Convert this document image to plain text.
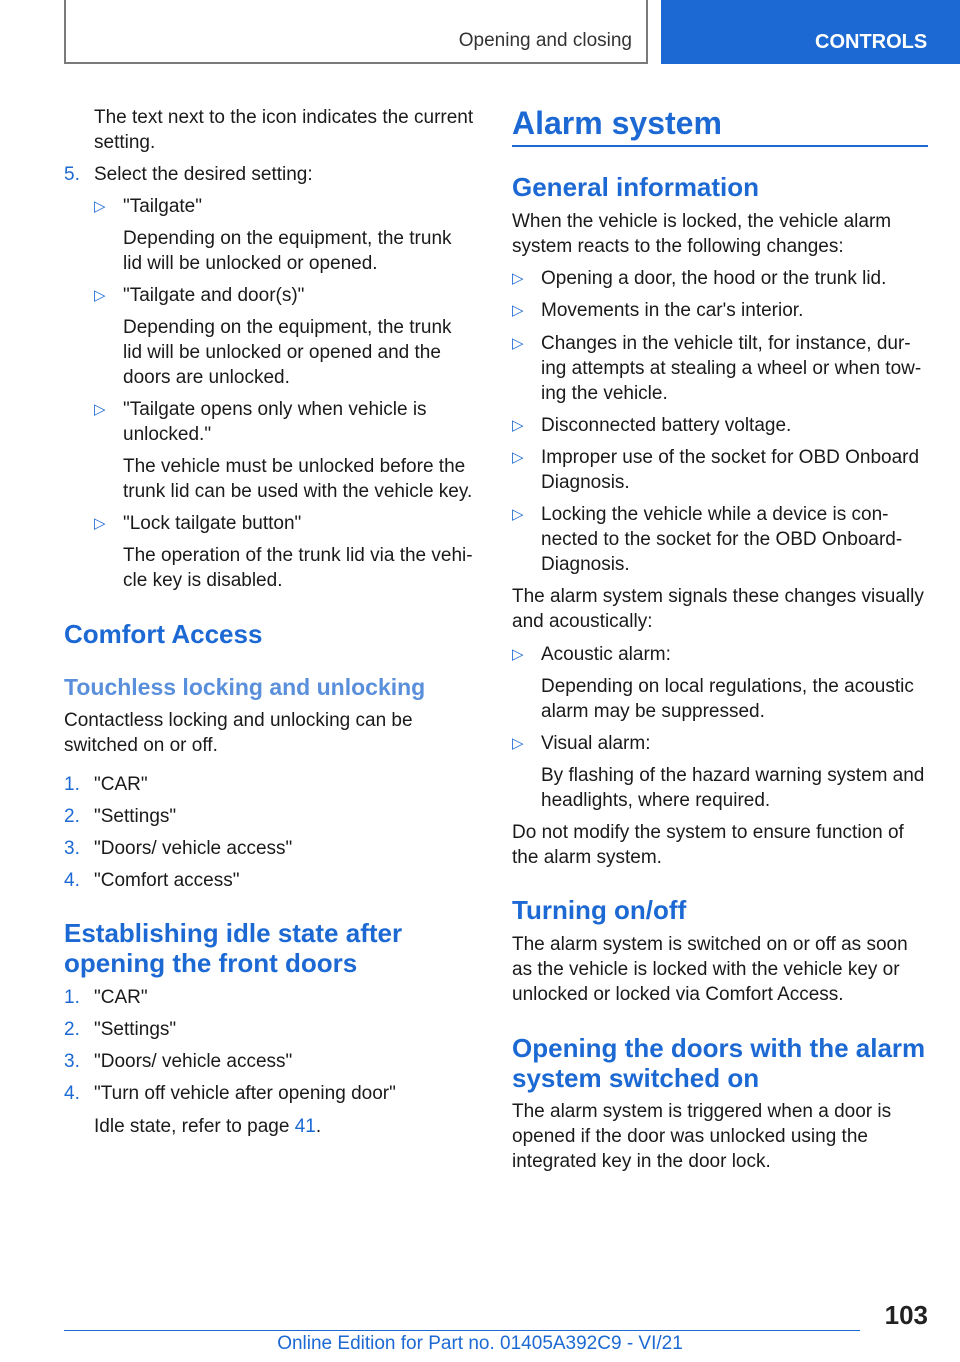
Opening and closing	CONTROLS

The text next to the icon indicates the current

setting.

5. Select the desired setting:

▷ "Tailgate"

Depending on the equipment, the trunk

lid will be unlocked or opened.

▷ "Tailgate and door(s)"

Depending on the equipment, the trunk

lid will be unlocked or opened and the

doors are unlocked.

▷ "Tailgate opens only when vehicle is

unlocked."

The vehicle must be unlocked before the

trunk lid can be used with the vehicle key.

▷ "Lock tailgate button"

The operation of the trunk lid via the vehi-

cle key is disabled.

Comfort Access
Touchless locking and unlocking

Contactless locking and unlocking can be

switched on or off.

1. "CAR"

2. "Settings"

3. "Doors/ vehicle access"

4. "Comfort access"

Establishing idle state after
opening the front doors
1. "CAR"

2. "Settings"

3. "Doors/ vehicle access"

4. "Turn off vehicle after opening door"

Idle state, refer to page 41.

Alarm system
General information

When the vehicle is locked, the vehicle alarm

system reacts to the following changes:

▷ Opening a door, the hood or the trunk lid.

▷ Movements in the car's interior.

▷ Changes in the vehicle tilt, for instance, dur-

ing attempts at stealing a wheel or when tow-

ing the vehicle.

▷ Disconnected battery voltage.

▷ Improper use of the socket for OBD Onboard

Diagnosis.

▷ Locking the vehicle while a device is con-

nected to the socket for the OBD Onboard-

Diagnosis.

The alarm system signals these changes visually

and acoustically:

▷ Acoustic alarm:

Depending on local regulations, the acoustic

alarm may be suppressed.

▷ Visual alarm:

By flashing of the hazard warning system and

headlights, where required.

Do not modify the system to ensure function of

the alarm system.

Turning on/off

The alarm system is switched on or off as soon

as the vehicle is locked with the vehicle key or

unlocked or locked via Comfort Access.

Opening the doors with the alarm
system switched on

The alarm system is triggered when a door is

opened if the door was unlocked using the

integrated key in the door lock.

103
Online Edition for Part no. 01405A392C9 - VI/21
